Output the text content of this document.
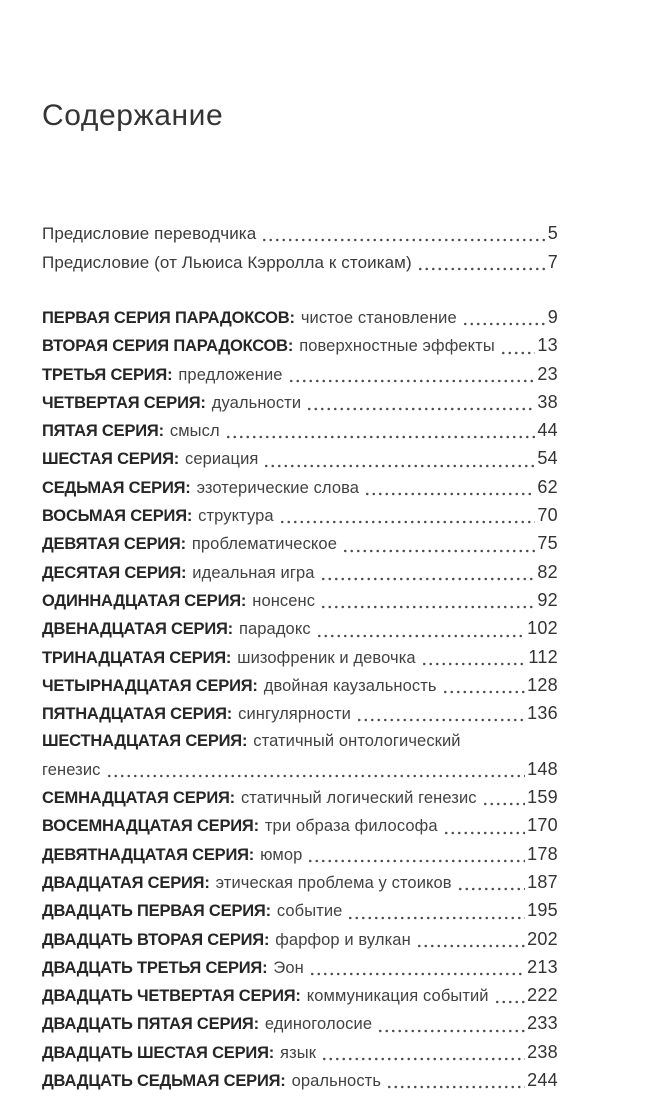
Содержание
Предисловие переводчика	5
Предисловие (от Льюиса Кэрролла к стоикам)	7
ПЕРВАЯ СЕРИЯ ПАРАДОКСОВ: чистое становление	9
ВТОРАЯ СЕРИЯ ПАРАДОКСОВ: поверхностные эффекты 13
ТРЕТЬЯ СЕРИЯ: предложение	23
ЧЕТВЕРТАЯ СЕРИЯ: дуальности	38
ПЯТАЯ СЕРИЯ: смысл	44
ШЕСТАЯ СЕРИЯ: сериация	54
СЕДЬМАЯ СЕРИЯ: эзотерические слова	62
ВОСЬМАЯ СЕРИЯ: структура	70
ДЕВЯТАЯ СЕРИЯ: проблематическое	75
ДЕСЯТАЯ СЕРИЯ: идеальная игра	82
ОДИННАДЦАТАЯ СЕРИЯ: нонсенс	92
ДВЕНАДЦАТАЯ СЕРИЯ: парадокс	102
ТРИНАДЦАТАЯ СЕРИЯ: шизофреник и девочка	112
ЧЕТЫРНАДЦАТАЯ СЕРИЯ: двойная каузальность	128
ПЯТНАДЦАТАЯ СЕРИЯ: сингулярности	136
ШЕСТНАДЦАТАЯ СЕРИЯ: статичный онтологический
генезис	148
СЕМНАДЦАТАЯ СЕРИЯ: статичный логический генезис	159
ВОСЕМНАДЦАТАЯ СЕРИЯ: три образа философа	170
ДЕВЯТНАДЦАТАЯ СЕРИЯ: юмор	178
ДВАДЦАТАЯ СЕРИЯ: этическая проблема у стоиков	187
ДВАДЦАТЬ ПЕРВАЯ СЕРИЯ: событие	195
ДВАДЦАТЬ ВТОРАЯ СЕРИЯ: фарфор и вулкан	202
ДВАДЦАТЬ ТРЕТЬЯ СЕРИЯ: Эон	213
ДВАДЦАТЬ ЧЕТВЕРТАЯ СЕРИЯ: коммуникация событий 222
ДВАДЦАТЬ ПЯТАЯ СЕРИЯ: единоголосие	233
ДВАДЦАТЬ ШЕСТАЯ СЕРИЯ: язык	238
ДВАДЦАТЬ СЕДЬМАЯ СЕРИЯ: оральность	244
